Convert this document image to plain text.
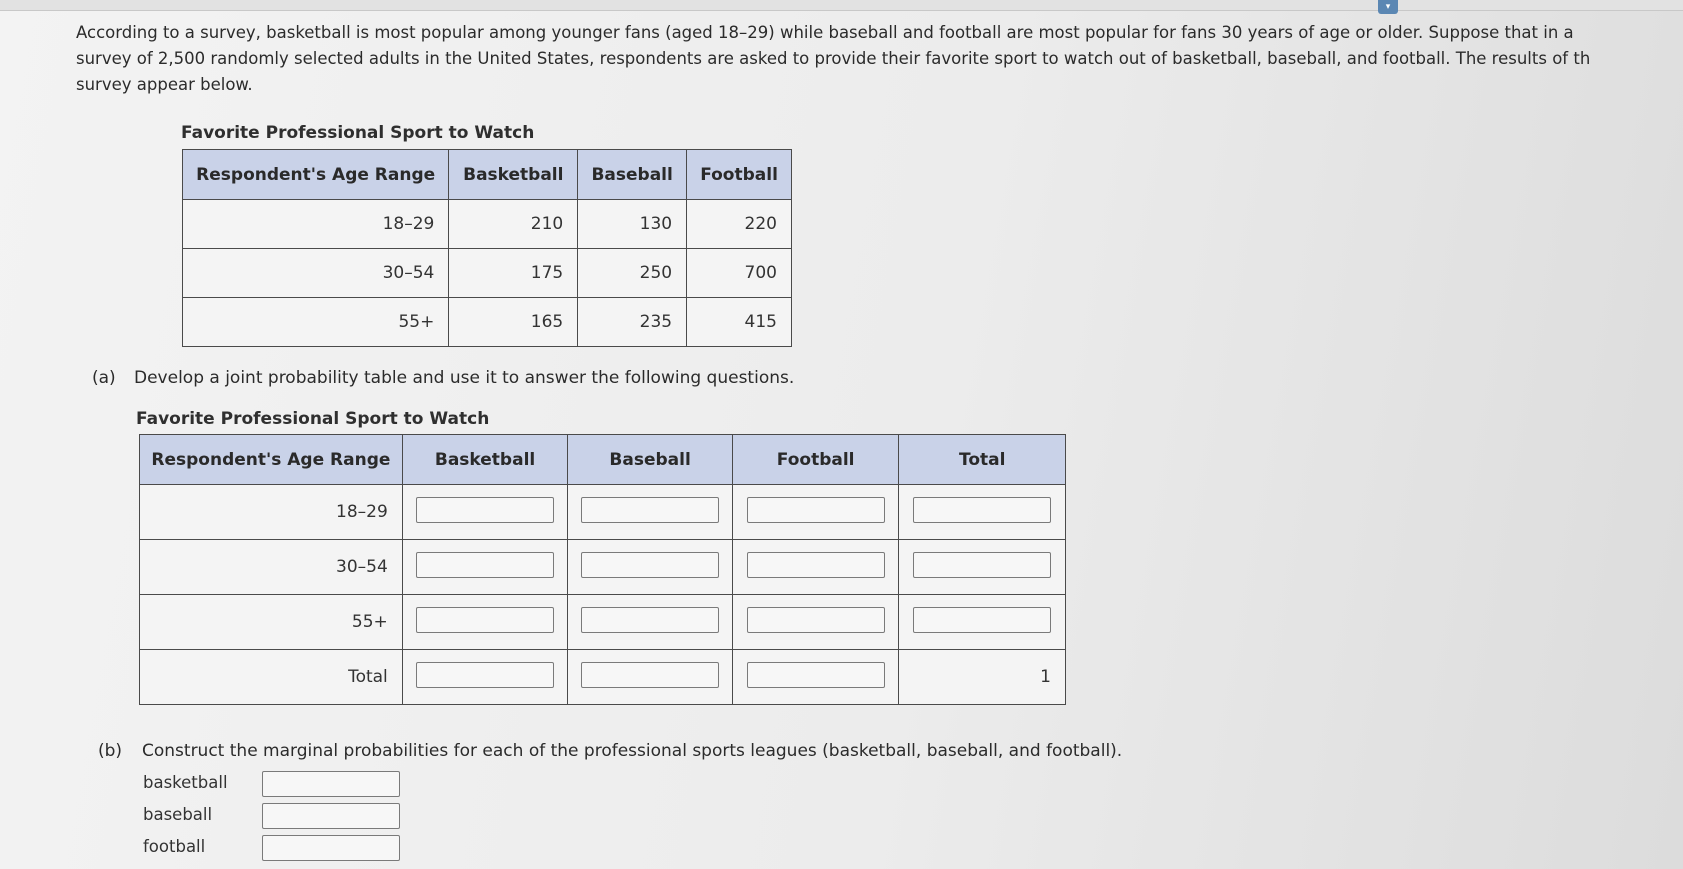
▾
According to a survey, basketball is most popular among younger fans (aged 18–29) while baseball and football are most popular for fans 30 years of age or older. Suppose that in a
survey of 2,500 randomly selected adults in the United States, respondents are asked to provide their favorite sport to watch out of basketball, baseball, and football. The results of th
survey appear below.
Favorite Professional Sport to Watch
Respondent's Age Range	Basketball	Baseball	Football
18–29	210	130	220
30–54	175	250	700
55+	165	235	415
(a) Develop a joint probability table and use it to answer the following questions.
Favorite Professional Sport to Watch
Respondent's Age Range	Basketball	Baseball	Football	Total
18–29				
30–54				
55+				
Total				1
(b) Construct the marginal probabilities for each of the professional sports leagues (basketball, baseball, and football).
basketball
baseball
football
